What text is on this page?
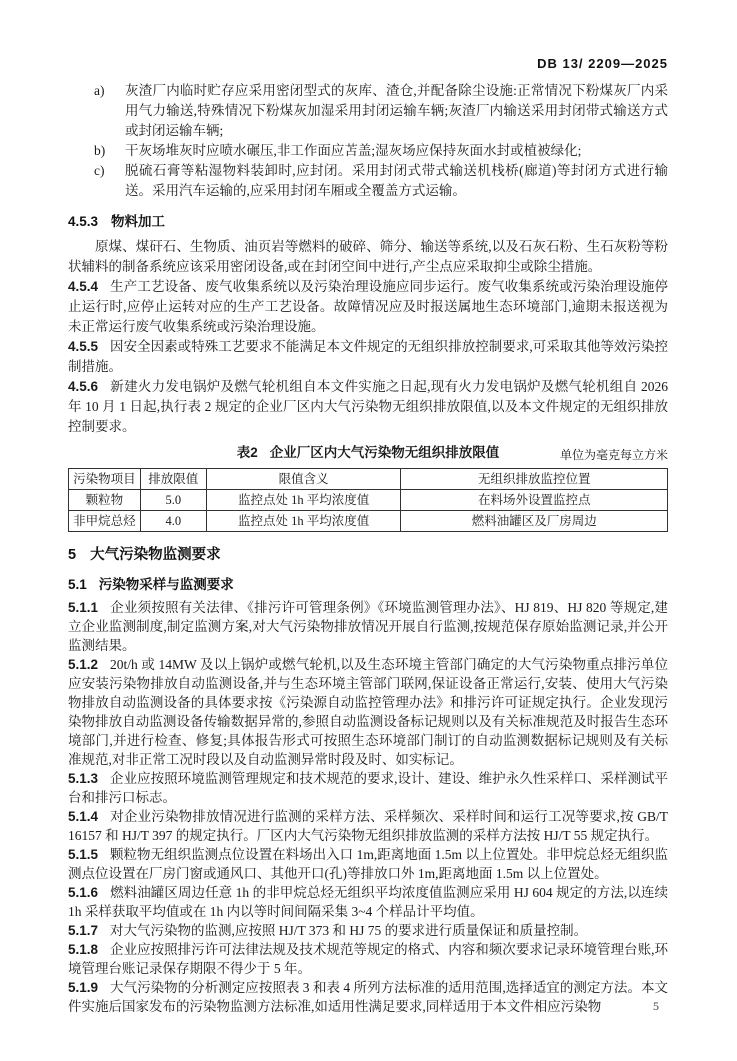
DB 13/ 2209—2025
a)	灰渣厂内临时贮存应采用密闭型式的灰库、渣仓,并配备除尘设施:正常情况下粉煤灰厂内采用气力输送,特殊情况下粉煤灰加湿采用封闭运输车辆;灰渣厂内输送采用封闭带式输送方式或封闭运输车辆;
b)	干灰场堆灰时应喷水碾压,非工作面应苫盖;湿灰场应保持灰面水封或植被绿化;
c)	脱硫石膏等粘湿物料装卸时,应封闭。采用封闭式带式输送机栈桥(廊道)等封闭方式进行输送。采用汽车运输的,应采用封闭车厢或全覆盖方式运输。
4.5.3 物料加工

原煤、煤矸石、生物质、油页岩等燃料的破碎、筛分、输送等系统,以及石灰石粉、生石灰粉等粉状辅料的制备系统应该采用密闭设备,或在封闭空间中进行,产尘点应采取抑尘或除尘措施。

4.5.4 生产工艺设备、废气收集系统以及污染治理设施应同步运行。废气收集系统或污染治理设施停止运行时,应停止运转对应的生产工艺设备。故障情况应及时报送属地生态环境部门,逾期未报送视为未正常运行废气收集系统或污染治理设施。

4.5.5 因安全因素或特殊工艺要求不能满足本文件规定的无组织排放控制要求,可采取其他等效污染控制措施。

4.5.6 新建火力发电锅炉及燃气轮机组自本文件实施之日起,现有火力发电锅炉及燃气轮机组自 2026 年 10 月 1 日起,执行表 2 规定的企业厂区内大气污染物无组织排放限值,以及本文件规定的无组织排放控制要求。

表2 企业厂区内大气污染物无组织排放限值	单位为毫克每立方米
污染物项目	排放限值	限值含义	无组织排放监控位置
颗粒物	5.0	监控点处 1h 平均浓度值	在料场外设置监控点
非甲烷总烃	4.0	监控点处 1h 平均浓度值	燃料油罐区及厂房周边
5 大气污染物监测要求
5.1 污染物采样与监测要求

5.1.1 企业须按照有关法律、《排污许可管理条例》《环境监测管理办法》、HJ 819、HJ 820 等规定,建立企业监测制度,制定监测方案,对大气污染物排放情况开展自行监测,按规范保存原始监测记录,并公开监测结果。

5.1.2 20t/h 或 14MW 及以上锅炉或燃气轮机,以及生态环境主管部门确定的大气污染物重点排污单位应安装污染物排放自动监测设备,并与生态环境主管部门联网,保证设备正常运行,安装、使用大气污染物排放自动监测设备的具体要求按《污染源自动监控管理办法》和排污许可证规定执行。企业发现污染物排放自动监测设备传输数据异常的,参照自动监测设备标记规则以及有关标准规范及时报告生态环境部门,并进行检查、修复;具体报告形式可按照生态环境部门制订的自动监测数据标记规则及有关标准规范,对非正常工况时段以及自动监测异常时段及时、如实标记。

5.1.3 企业应按照环境监测管理规定和技术规范的要求,设计、建设、维护永久性采样口、采样测试平台和排污口标志。

5.1.4 对企业污染物排放情况进行监测的采样方法、采样频次、采样时间和运行工况等要求,按 GB/T 16157 和 HJ/T 397 的规定执行。厂区内大气污染物无组织排放监测的采样方法按 HJ/T 55 规定执行。

5.1.5 颗粒物无组织监测点位设置在料场出入口 1m,距离地面 1.5m 以上位置处。非甲烷总烃无组织监测点位设置在厂房门窗或通风口、其他开口(孔)等排放口外 1m,距离地面 1.5m 以上位置处。

5.1.6 燃料油罐区周边任意 1h 的非甲烷总烃无组织平均浓度值监测应采用 HJ 604 规定的方法,以连续 1h 采样获取平均值或在 1h 内以等时间间隔采集 3~4 个样品计平均值。

5.1.7 对大气污染物的监测,应按照 HJ/T 373 和 HJ 75 的要求进行质量保证和质量控制。

5.1.8 企业应按照排污许可法律法规及技术规范等规定的格式、内容和频次要求记录环境管理台账,环境管理台账记录保存期限不得少于 5 年。

5.1.9 大气污染物的分析测定应按照表 3 和表 4 所列方法标准的适用范围,选择适宜的测定方法。本文件实施后国家发布的污染物监测方法标准,如适用性满足要求,同样适用于本文件相应污染物	5
